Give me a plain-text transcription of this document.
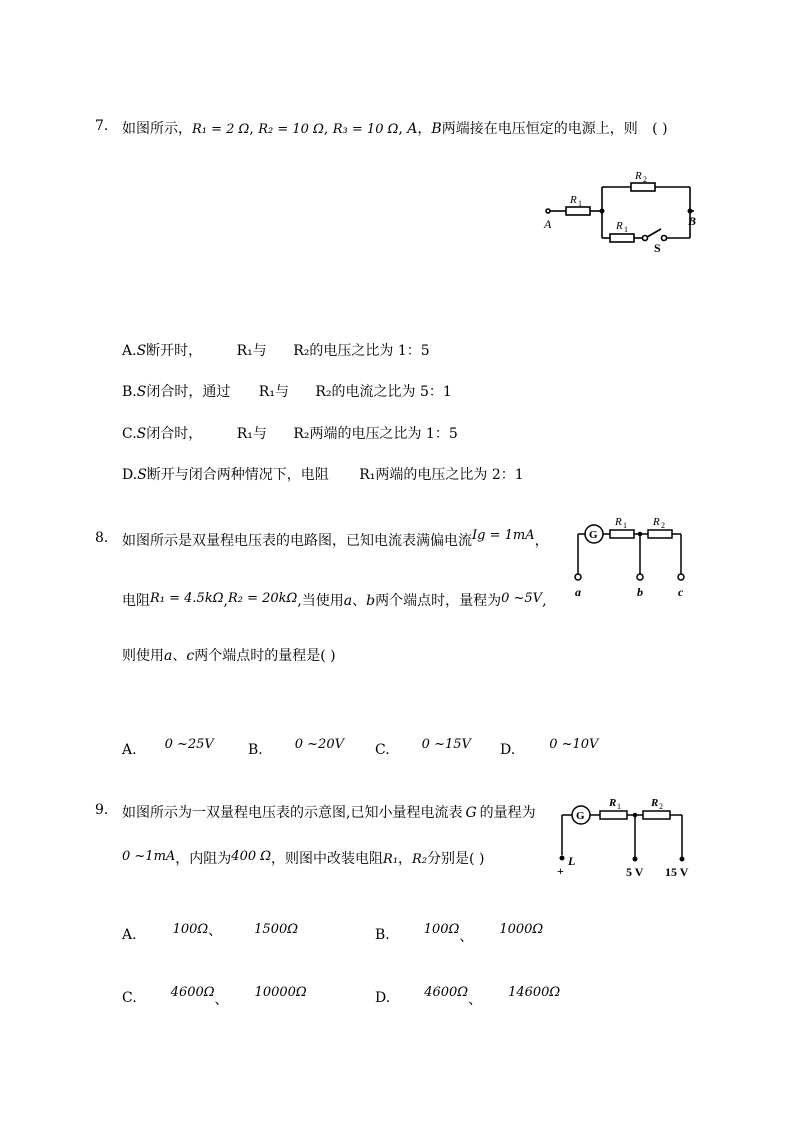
7. 如图所示，R₁ = 2 Ω, R₂ = 10 Ω, R₃ = 10 Ω, A，B两端接在电压恒定的电源上，则 ( )
A	B
R 1
R 2
R 1
S
A.S断开时， R₁与 R₂的电压之比为 1：5
B.S闭合时，通过 R₁与 R₂的电流之比为 5：1
C.S闭合时， R₁与 R₂两端的电压之比为 1：5
D.S断开与闭合两种情况下，电阻 R₁两端的电压之比为 2：1
8. 如图所示是双量程电压表的电路图，已知电流表满偏电流Ig = 1mA，
电阻R₁ = 4.5kΩ,R₂ = 20kΩ,当使用a、b两个端点时，量程为0 ~5V,
则使用a、c两个端点时的量程是( )
G
R 1 R 2
a	b	c
A. 0 ~25V B. 0 ~20V C. 0 ~15V D.	0 ~10V
9. 如图所示为一双量程电压表的示意图,已知小量程电流表 G 的量程为
0 ~1mA，内阻为400 Ω，则图中改装电阻R₁，R₂分别是( )
G
R 1	R 2
L
+	5 V 15 V
A.	100Ω、 1500Ω	B.	100Ω、 1000Ω
C.	4600Ω、 10000Ω	D.	4600Ω、 14600Ω
